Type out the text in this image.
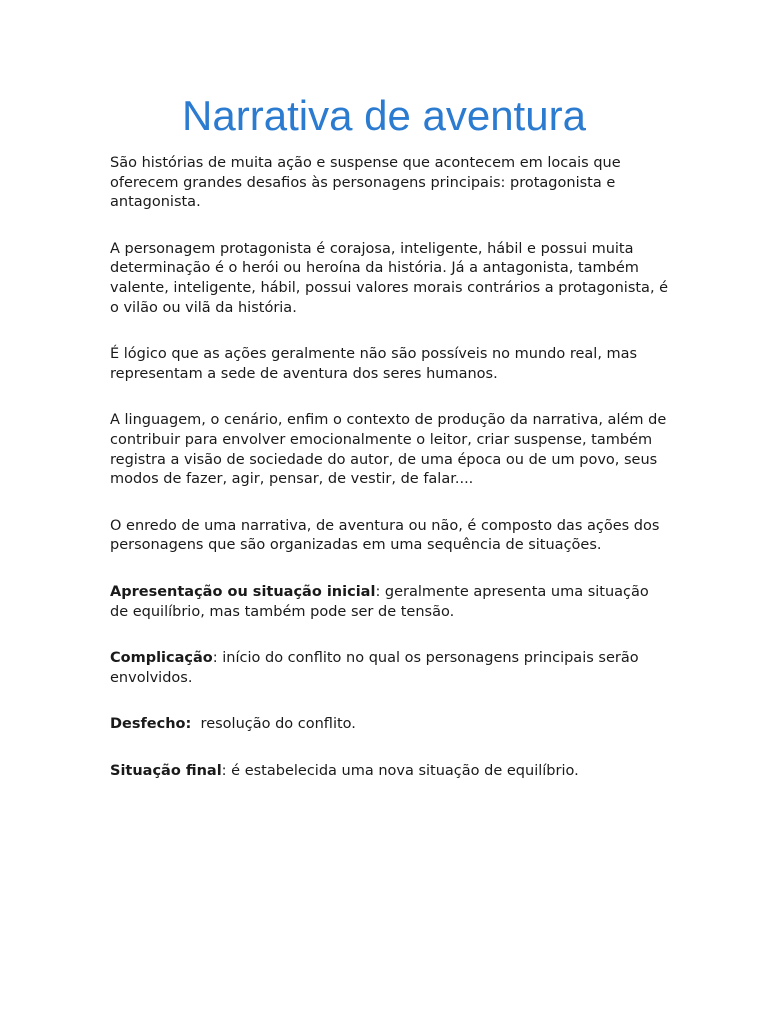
Narrativa de aventura

São histórias de muita ação e suspense que acontecem em locais que oferecem grandes desafios às personagens principais: protagonista e antagonista.

A personagem protagonista é corajosa, inteligente, hábil e possui muita determinação é o herói ou heroína da história. Já a antagonista, também valente, inteligente, hábil, possui valores morais contrários a protagonista, é o vilão ou vilã da história.

É lógico que as ações geralmente não são possíveis no mundo real, mas representam a sede de aventura dos seres humanos.

A linguagem, o cenário, enfim o contexto de produção da narrativa, além de contribuir para envolver emocionalmente o leitor, criar suspense, também registra a visão de sociedade do autor, de uma época ou de um povo, seus modos de fazer, agir, pensar, de vestir, de falar....

O enredo de uma narrativa, de aventura ou não, é composto das ações dos personagens que são organizadas em uma sequência de situações.

Apresentação ou situação inicial: geralmente apresenta uma situação de equilíbrio, mas também pode ser de tensão.

Complicação: início do conflito no qual os personagens principais serão envolvidos.

Desfecho:  resolução do conflito.

Situação final: é estabelecida uma nova situação de equilíbrio.
